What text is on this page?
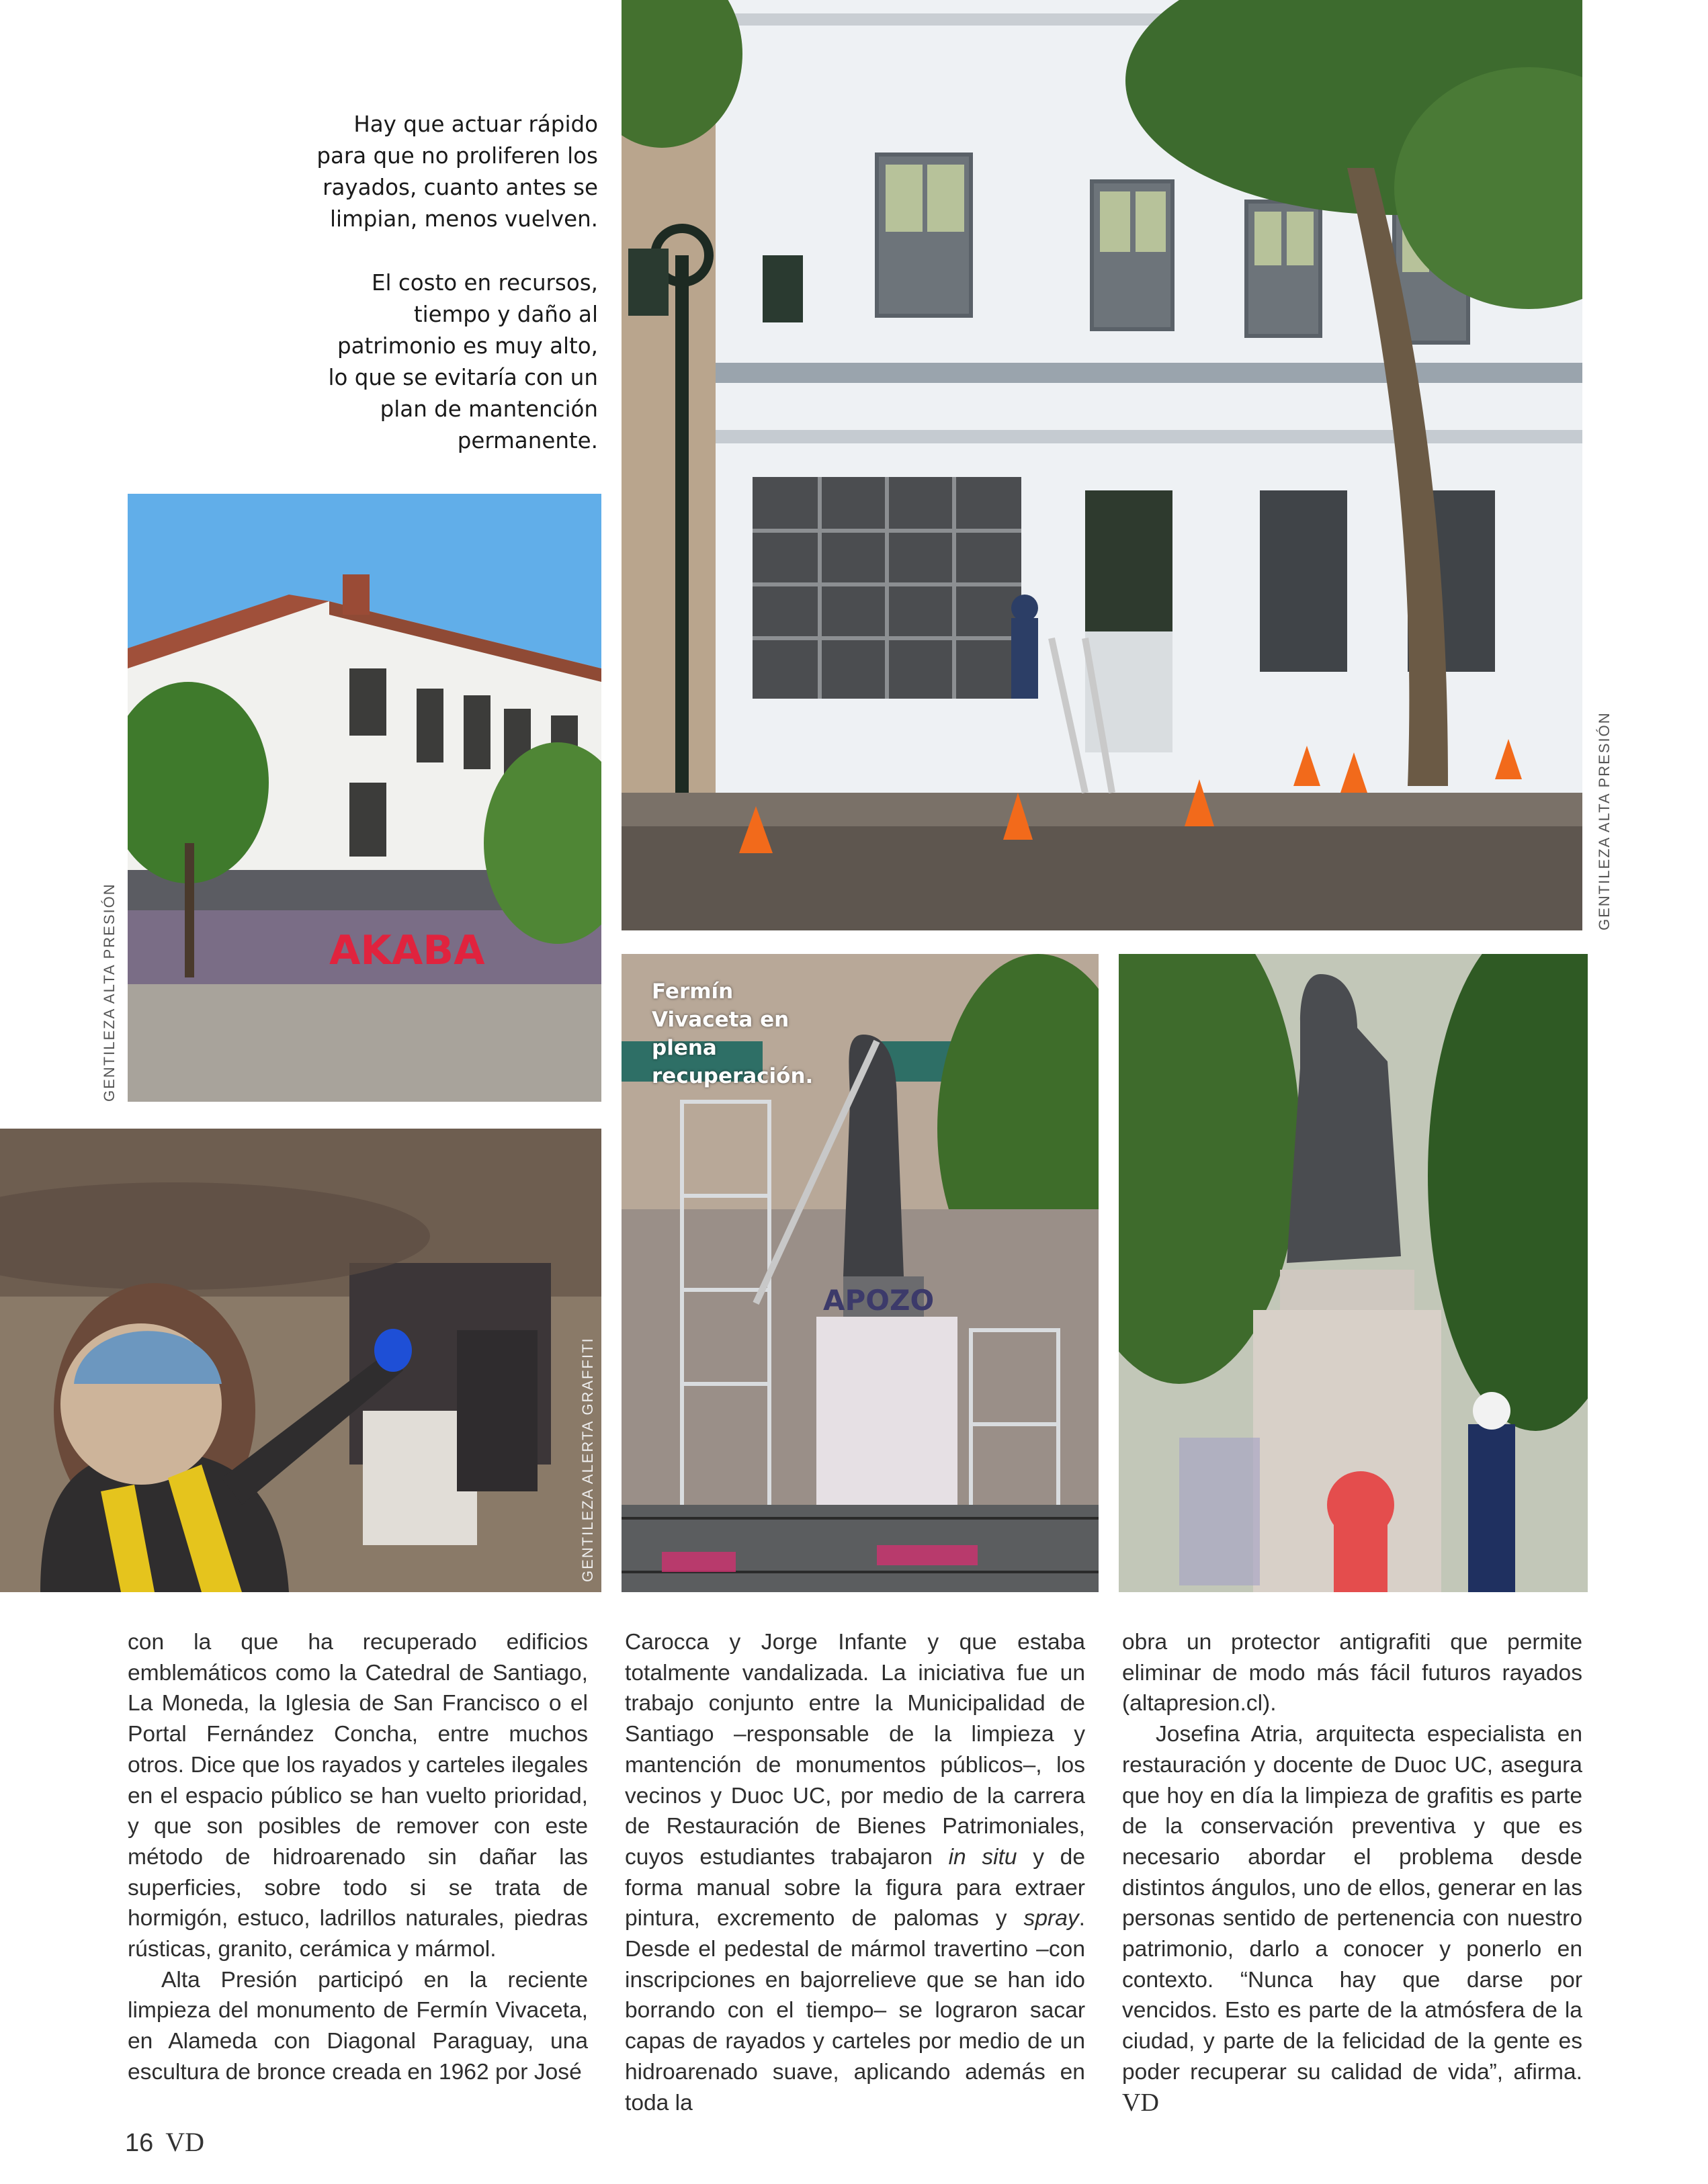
Hay que actuar rápido para que no proliferen los rayados, cuanto antes se limpian, menos vuelven.

El costo en recursos, tiempo y daño al patrimonio es muy alto, lo que se evitaría con un plan de mantención permanente.

AKABA
APOZO
GENTILEZA ALTA PRESIÓN
GENTILEZA ALTA PRESIÓN
GENTILEZA ALERTA GRAFFITI
Fermín Vivaceta en plena recuperación.

con la que ha recuperado edificios emblemáticos como la Catedral de Santiago, La Moneda, la Iglesia de San Francisco o el Portal Fernández Concha, entre muchos otros. Dice que los rayados y carteles ilegales en el espacio público se han vuelto prioridad, y que son posibles de remover con este método de hidroarenado sin dañar las superficies, sobre todo si se trata de hormigón, estuco, ladrillos naturales, piedras rústicas, granito, cerámica y mármol.

Alta Presión participó en la reciente limpieza del monumento de Fermín Vivaceta, en Alameda con Diagonal Paraguay, una escultura de bronce creada en 1962 por José

Carocca y Jorge Infante y que estaba totalmente vandalizada. La iniciativa fue un trabajo conjunto entre la Municipalidad de Santiago –responsable de la limpieza y mantención de monumentos públicos–, los vecinos y Duoc UC, por medio de la carrera de Restauración de Bienes Patrimoniales, cuyos estudiantes trabajaron in situ y de forma manual sobre la figura para extraer pintura, excremento de palomas y spray. Desde el pedestal de mármol travertino –con inscripciones en bajorrelieve que se han ido borrando con el tiempo– se lograron sacar capas de rayados y carteles por medio de un hidroarenado suave, aplicando además en toda la

obra un protector antigrafiti que permite eliminar de modo más fácil futuros rayados (altapresion.cl).

Josefina Atria, arquitecta especialista en restauración y docente de Duoc UC, asegura que hoy en día la limpieza de grafitis es parte de la conservación preventiva y que es necesario abordar el problema desde distintos ángulos, uno de ellos, generar en las personas sentido de pertenencia con nuestro patrimonio, darlo a conocer y ponerlo en contexto. “Nunca hay que darse por vencidos. Esto es parte de la atmósfera de la ciudad, y parte de la felicidad de la gente es poder recuperar su calidad de vida”, afirma. VD

16 VD
